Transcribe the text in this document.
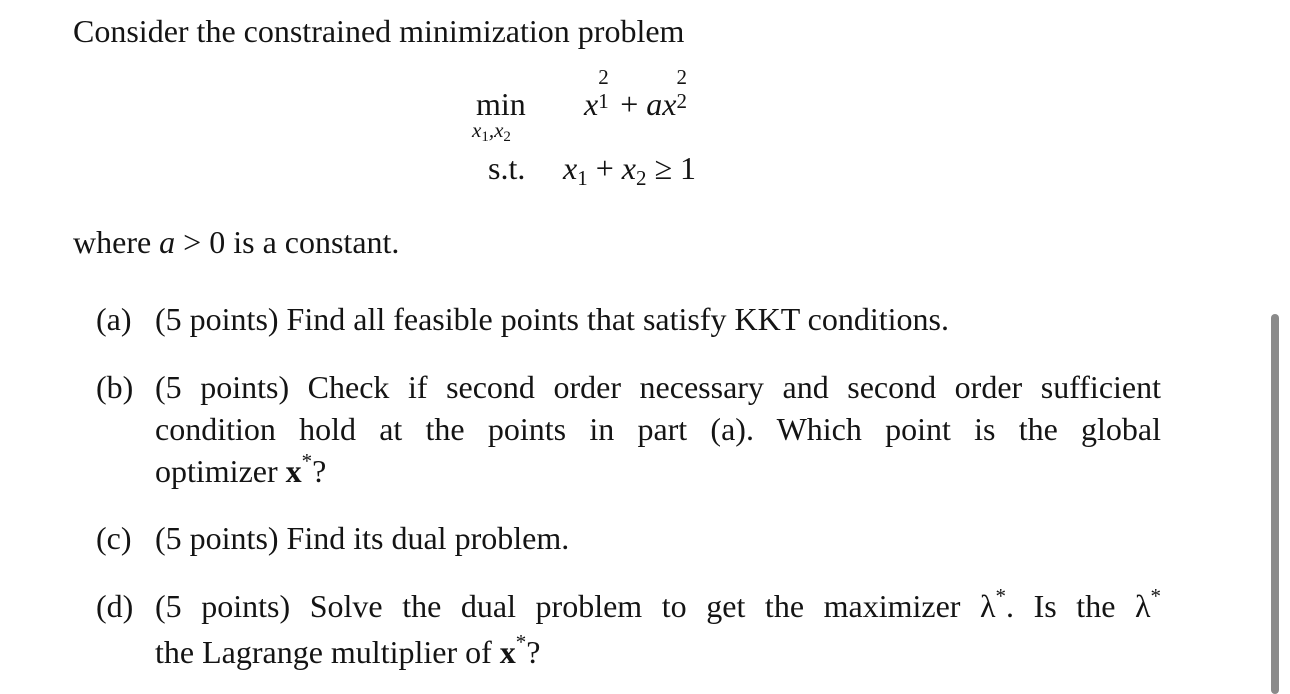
Consider the constrained minimization problem
min
x1,x2
x
2
1 + ax
2
2
s.t. x1 + x2 ≥ 1
where a > 0 is a constant.
(a) (5 points) Find all feasible points that satisfy KKT conditions.
(b) (5 points) Check if second order necessary and second order sufficient
condition hold at the points in part (a). Which point is the global
optimizer x*?
(c) (5 points) Find its dual problem.
(d) (5 points) Solve the dual problem to get the maximizer λ*. Is the λ*
the Lagrange multiplier of x*?
